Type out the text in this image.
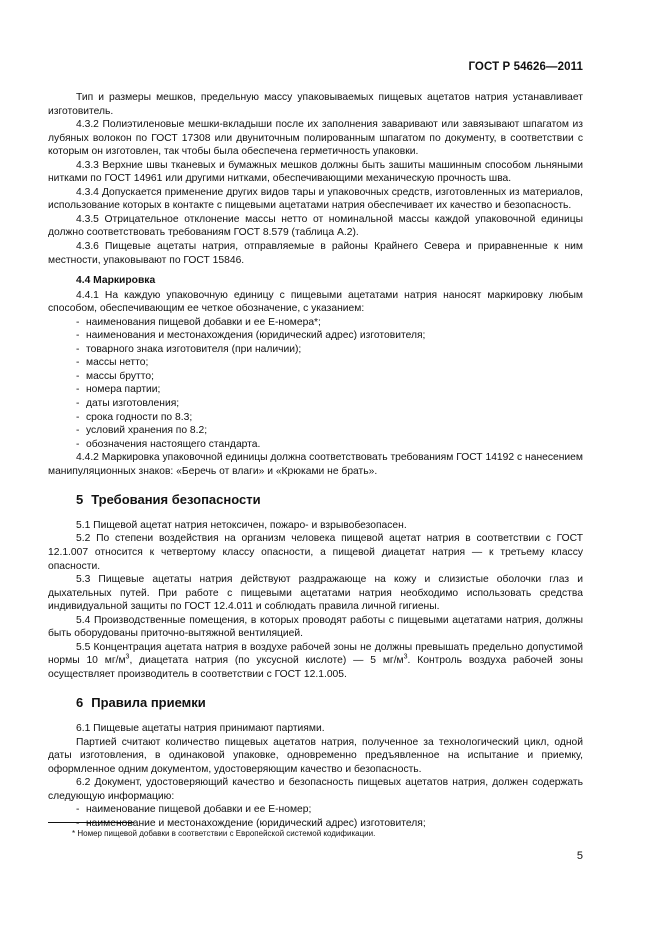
ГОСТ Р 54626—2011

Тип и размеры мешков, предельную массу упаковываемых пищевых ацетатов натрия устанавливает изготовитель.

4.3.2 Полиэтиленовые мешки-вкладыши после их заполнения заваривают или завязывают шпагатом из лубяных волокон по ГОСТ 17308 или двуниточным полированным шпагатом по документу, в соответствии с которым он изготовлен, так чтобы была обеспечена герметичность упаковки.

4.3.3 Верхние швы тканевых и бумажных мешков должны быть зашиты машинным способом льняными нитками по ГОСТ 14961 или другими нитками, обеспечивающими механическую прочность шва.

4.3.4 Допускается применение других видов тары и упаковочных средств, изготовленных из материалов, использование которых в контакте с пищевыми ацетатами натрия обеспечивает их качество и безопасность.

4.3.5 Отрицательное отклонение массы нетто от номинальной массы каждой упаковочной единицы должно соответствовать требованиям ГОСТ 8.579 (таблица А.2).

4.3.6 Пищевые ацетаты натрия, отправляемые в районы Крайнего Севера и приравненные к ним местности, упаковывают по ГОСТ 15846.

4.4 Маркировка

4.4.1 На каждую упаковочную единицу с пищевыми ацетатами натрия наносят маркировку любым способом, обеспечивающим ее четкое обозначение, с указанием:

- наименования пищевой добавки и ее Е-номера*;
- наименования и местонахождения (юридический адрес) изготовителя;
- товарного знака изготовителя (при наличии);
- массы нетто;
- массы брутто;
- номера партии;
- даты изготовления;
- срока годности по 8.3;
- условий хранения по 8.2;
- обозначения настоящего стандарта.

4.4.2 Маркировка упаковочной единицы должна соответствовать требованиям ГОСТ 14192 с нанесением манипуляционных знаков: «Беречь от влаги» и «Крюками не брать».

5 Требования безопасности

5.1 Пищевой ацетат натрия нетоксичен, пожаро- и взрывобезопасен.

5.2 По степени воздействия на организм человека пищевой ацетат натрия в соответствии с ГОСТ 12.1.007 относится к четвертому классу опасности, а пищевой диацетат натрия — к третьему классу опасности.

5.3 Пищевые ацетаты натрия действуют раздражающе на кожу и слизистые оболочки глаз и дыхательных путей. При работе с пищевыми ацетатами натрия необходимо использовать средства индивидуальной защиты по ГОСТ 12.4.011 и соблюдать правила личной гигиены.

5.4 Производственные помещения, в которых проводят работы с пищевыми ацетатами натрия, должны быть оборудованы приточно-вытяжной вентиляцией.

5.5 Концентрация ацетата натрия в воздухе рабочей зоны не должны превышать предельно допустимой нормы 10 $мг/м^3$, диацетата натрия (по уксусной кислоте) — 5 $мг/м^3$. Контроль воздуха рабочей зоны осуществляет производитель в соответствии с ГОСТ 12.1.005.

6 Правила приемки

6.1 Пищевые ацетаты натрия принимают партиями.

Партией считают количество пищевых ацетатов натрия, полученное за технологический цикл, одной даты изготовления, в одинаковой упаковке, одновременно предъявленное на испытание и приемку, оформленное одним документом, удостоверяющим качество и безопасность.

6.2 Документ, удостоверяющий качество и безопасность пищевых ацетатов натрия, должен содержать следующую информацию:

- наименование пищевой добавки и ее Е-номер;
- наименование и местонахождение (юридический адрес) изготовителя;
* Номер пищевой добавки в соответствии с Европейской системой кодификации.
5
